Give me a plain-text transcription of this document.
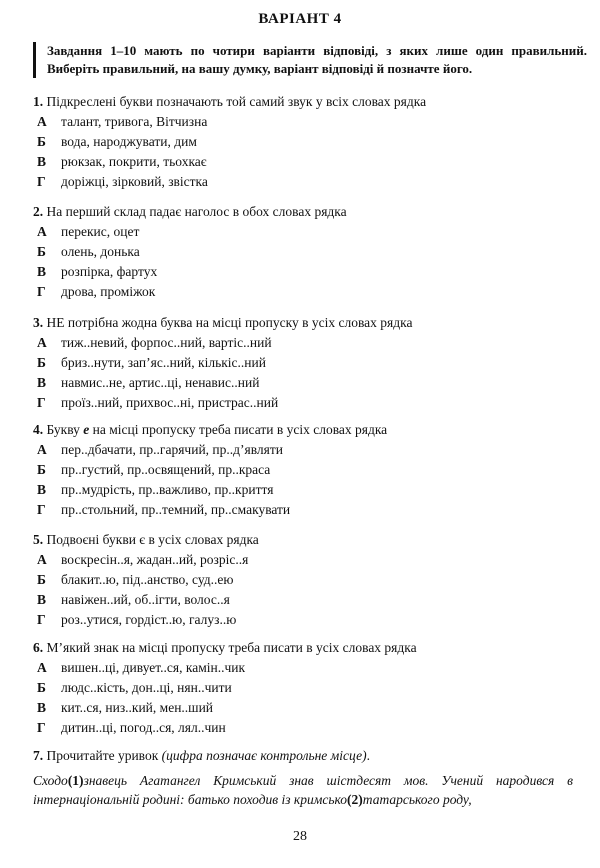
ВАРІАНТ 4
Завдання 1–10 мають по чотири варіанти відповіді, з яких лише один правильний. Виберіть правильний, на вашу думку, варіант відповіді й позначте його.
1. Підкреслені букви позначають той самий звук у всіх словах рядка
А талант, тривога, Вітчизна
Б вода, народжувати, дим
В рюкзак, покрити, тьохкає
Г доріжці, зірковий, звістка
2. На перший склад падає наголос в обох словах рядка
А перекис, оцет
Б олень, донька
В розпірка, фартух
Г дрова, проміжок
3. НЕ потрібна жодна буква на місці пропуску в усіх словах рядка
А тиж..невий, форпос..ний, вартіс..ний
Б бриз..нути, зап’яс..ний, кількіс..ний
В навмис..не, артис..ці, ненавис..ний
Г проїз..ний, прихвос..ні, пристрас..ний
4. Букву е на місці пропуску треба писати в усіх словах рядка
А пер..дбачати, пр..гарячий, пр..д’являти
Б пр..густий, пр..освящений, пр..краса
В пр..мудрість, пр..важливо, пр..криття
Г пр..стольний, пр..темний, пр..смакувати
5. Подвоєні букви є в усіх словах рядка
А воскресін..я, жадан..ий, розріс..я
Б блакит..ю, під..анство, суд..ею
В навіжен..ий, об..ігти, волос..я
Г роз..утися, гордіст..ю, галуз..ю
6. М’який знак на місці пропуску треба писати в усіх словах рядка
А вишен..ці, дивует..ся, камін..чик
Б людс..кість, дон..ці, нян..чити
В кит..ся, низ..кий, мен..ший
Г дитин..ці, погод..ся, лял..чин
7. Прочитайте уривок (цифра позначає контрольне місце).
Сходо(1)знавець Агатангел Кримський знав шістдесят мов. Учений народився в інтернаціональній родині: батько походив із кримсько(2)татарського роду,
28
